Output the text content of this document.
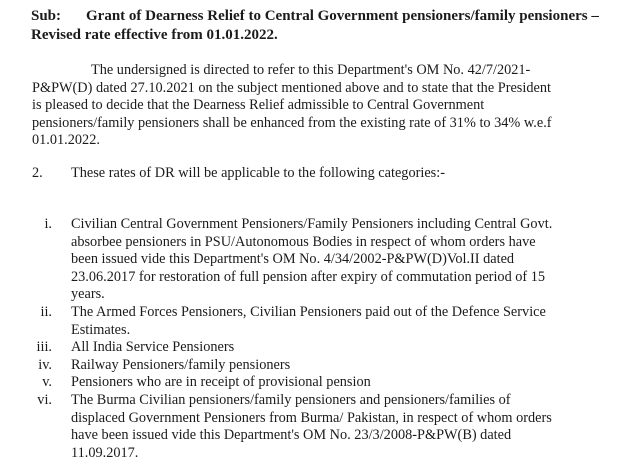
Sub: Grant of Dearness Relief to Central Government pensioners/family pensioners –
Revised rate effective from 01.01.2022.
The undersigned is directed to refer to this Department's OM No. 42/7/2021-
P&PW(D) dated 27.10.2021 on the subject mentioned above and to state that the President
is pleased to decide that the Dearness Relief admissible to Central Government
pensioners/family pensioners shall be enhanced from the existing rate of 31% to 34% w.e.f
01.01.2022.
2. These rates of DR will be applicable to the following categories:-
i. Civilian Central Government Pensioners/Family Pensioners including Central Govt.
absorbee pensioners in PSU/Autonomous Bodies in respect of whom orders have
been issued vide this Department's OM No. 4/34/2002-P&PW(D)Vol.II dated
23.06.2017 for restoration of full pension after expiry of commutation period of 15
years.
ii. The Armed Forces Pensioners, Civilian Pensioners paid out of the Defence Service
Estimates.
iii. All India Service Pensioners
iv. Railway Pensioners/family pensioners
v. Pensioners who are in receipt of provisional pension
vi. The Burma Civilian pensioners/family pensioners and pensioners/families of
displaced Government Pensioners from Burma/ Pakistan, in respect of whom orders
have been issued vide this Department's OM No. 23/3/2008-P&PW(B) dated
11.09.2017.
